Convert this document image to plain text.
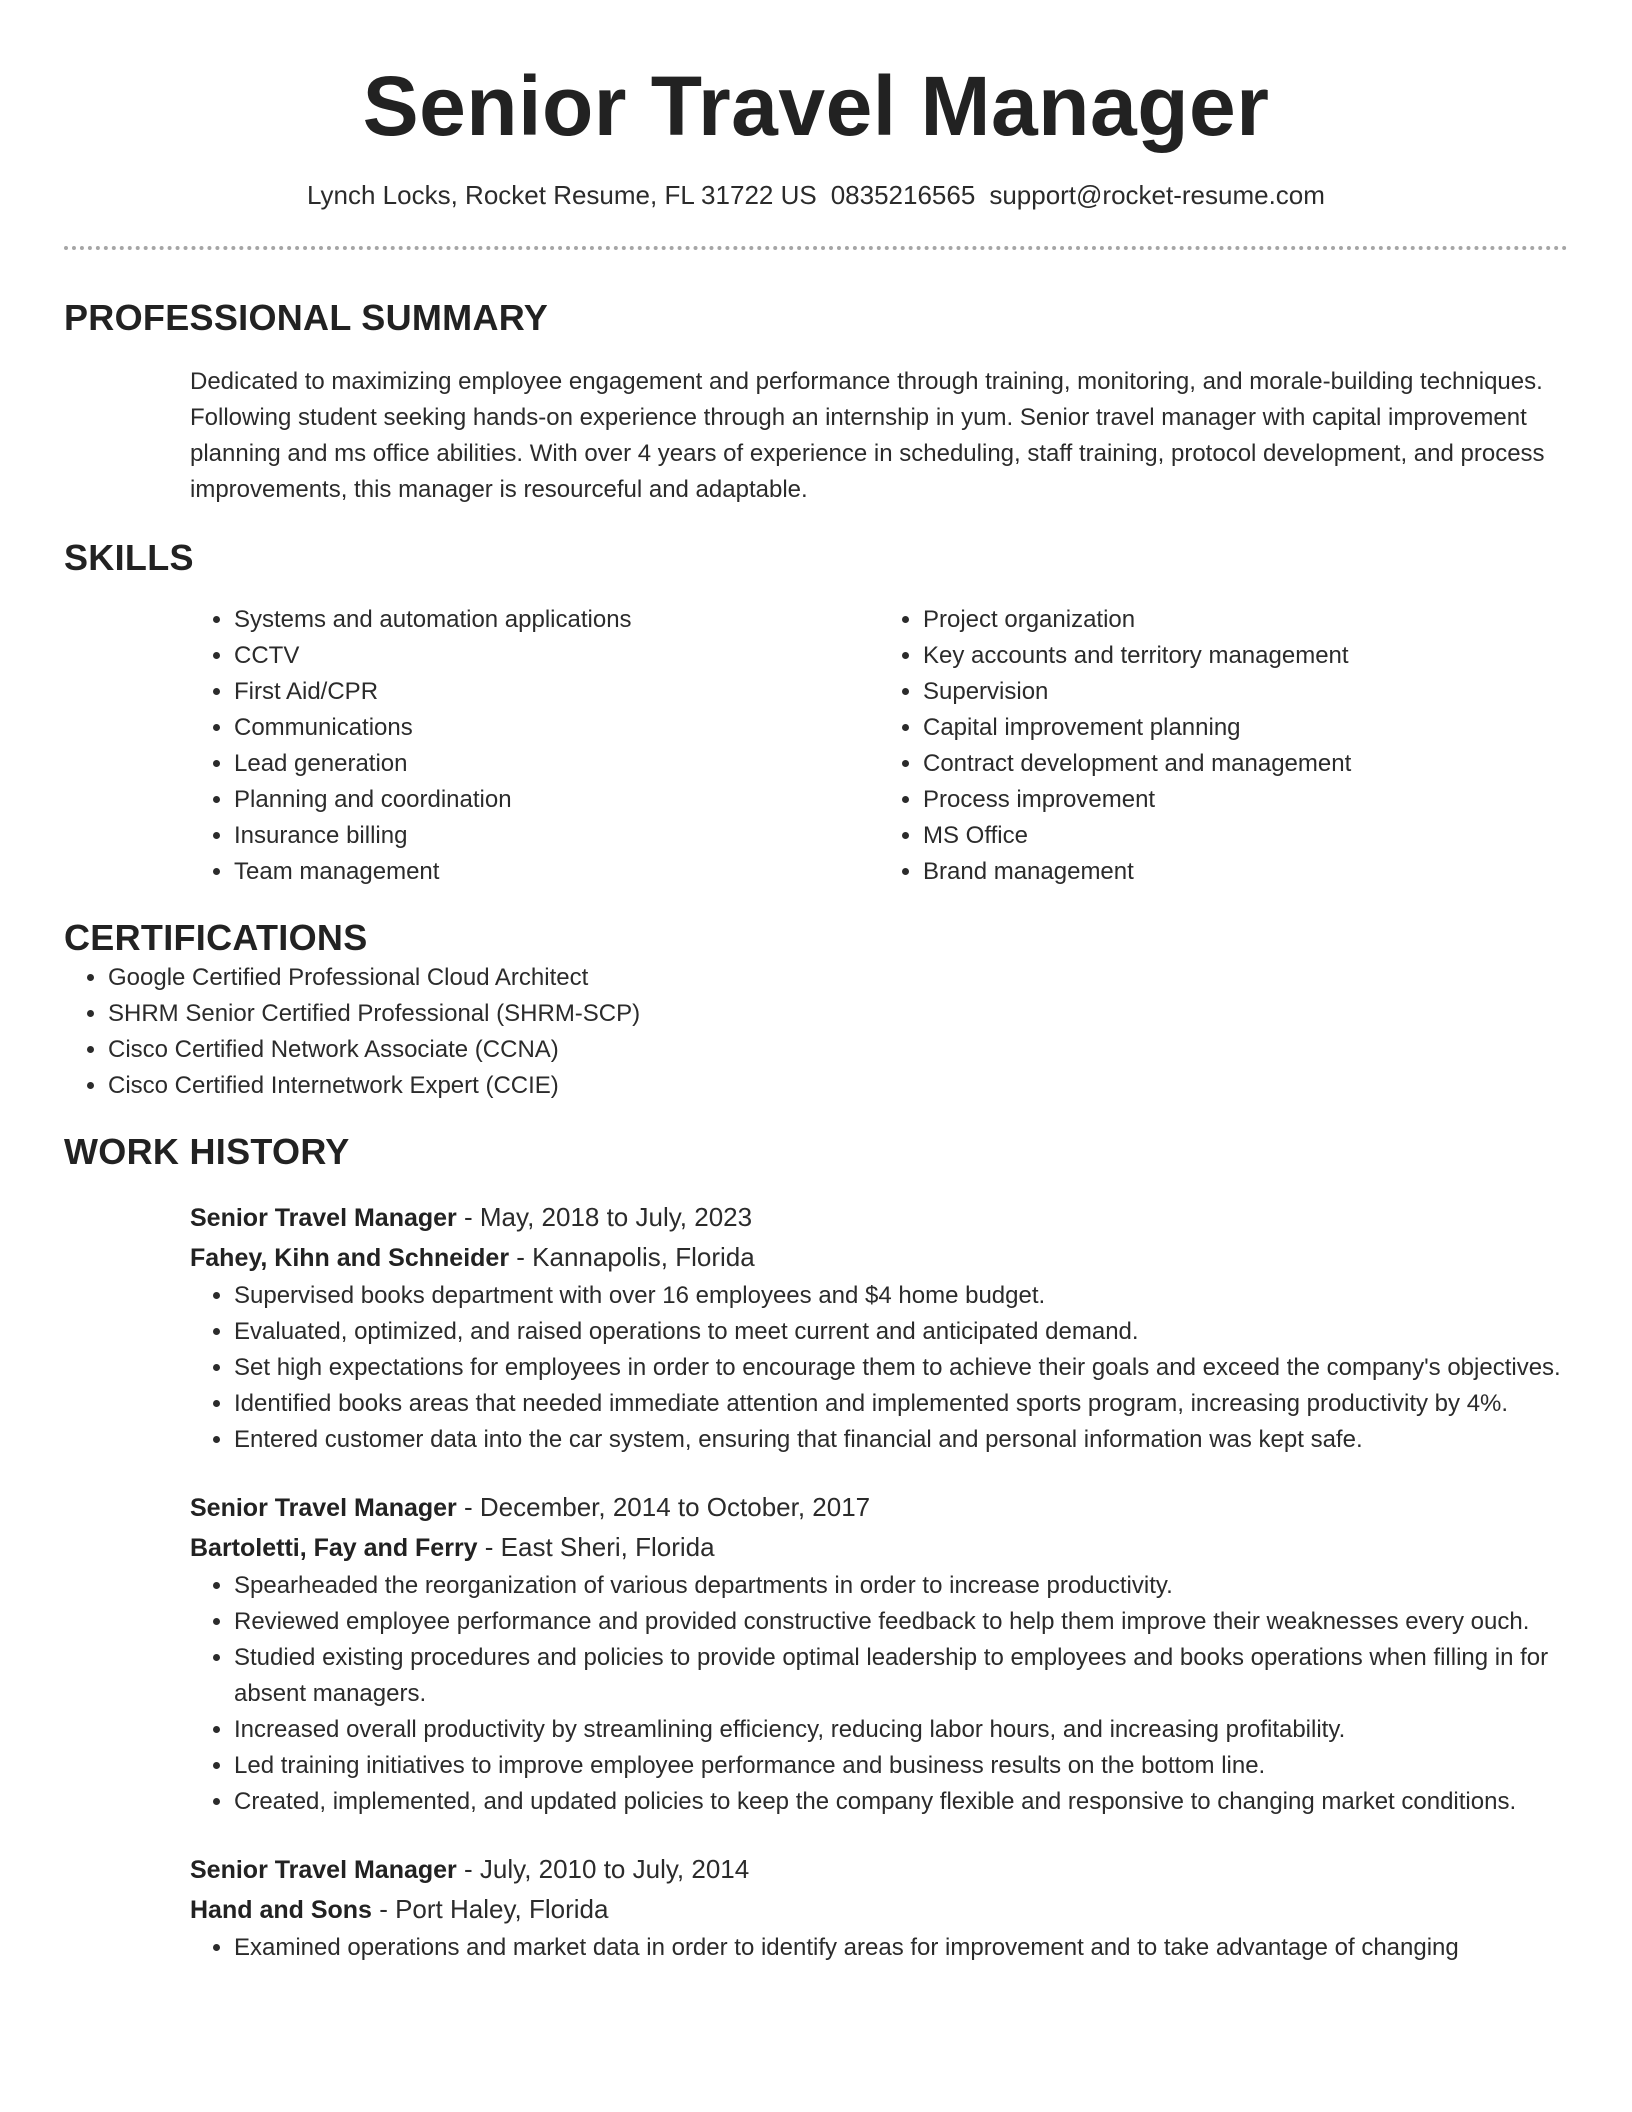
Senior Travel Manager
Lynch Locks, Rocket Resume, FL 31722 US 0835216565 support@rocket-resume.com
PROFESSIONAL SUMMARY

Dedicated to maximizing employee engagement and performance through training, monitoring, and morale-building techniques. Following student seeking hands-on experience through an internship in yum. Senior travel manager with capital improvement planning and ms office abilities. With over 4 years of experience in scheduling, staff training, protocol development, and process improvements, this manager is resourceful and adaptable.

SKILLS
• Systems and automation applications
• CCTV
• First Aid/CPR
• Communications
• Lead generation
• Planning and coordination
• Insurance billing
• Team management
• Project organization
• Key accounts and territory management
• Supervision
• Capital improvement planning
• Contract development and management
• Process improvement
• MS Office
• Brand management
CERTIFICATIONS
• Google Certified Professional Cloud Architect
• SHRM Senior Certified Professional (SHRM-SCP)
• Cisco Certified Network Associate (CCNA)
• Cisco Certified Internetwork Expert (CCIE)
WORK HISTORY
Senior Travel Manager - May, 2018 to July, 2023
Fahey, Kihn and Schneider - Kannapolis, Florida
• Supervised books department with over 16 employees and $4 home budget.
• Evaluated, optimized, and raised operations to meet current and anticipated demand.
• Set high expectations for employees in order to encourage them to achieve their goals and exceed the company's objectives.
• Identified books areas that needed immediate attention and implemented sports program, increasing productivity by 4%.
• Entered customer data into the car system, ensuring that financial and personal information was kept safe.
Senior Travel Manager - December, 2014 to October, 2017
Bartoletti, Fay and Ferry - East Sheri, Florida
• Spearheaded the reorganization of various departments in order to increase productivity.
• Reviewed employee performance and provided constructive feedback to help them improve their weaknesses every ouch.
• Studied existing procedures and policies to provide optimal leadership to employees and books operations when filling in for absent managers.
• Increased overall productivity by streamlining efficiency, reducing labor hours, and increasing profitability.
• Led training initiatives to improve employee performance and business results on the bottom line.
• Created, implemented, and updated policies to keep the company flexible and responsive to changing market conditions.
Senior Travel Manager - July, 2010 to July, 2014
Hand and Sons - Port Haley, Florida
• Examined operations and market data in order to identify areas for improvement and to take advantage of changing
